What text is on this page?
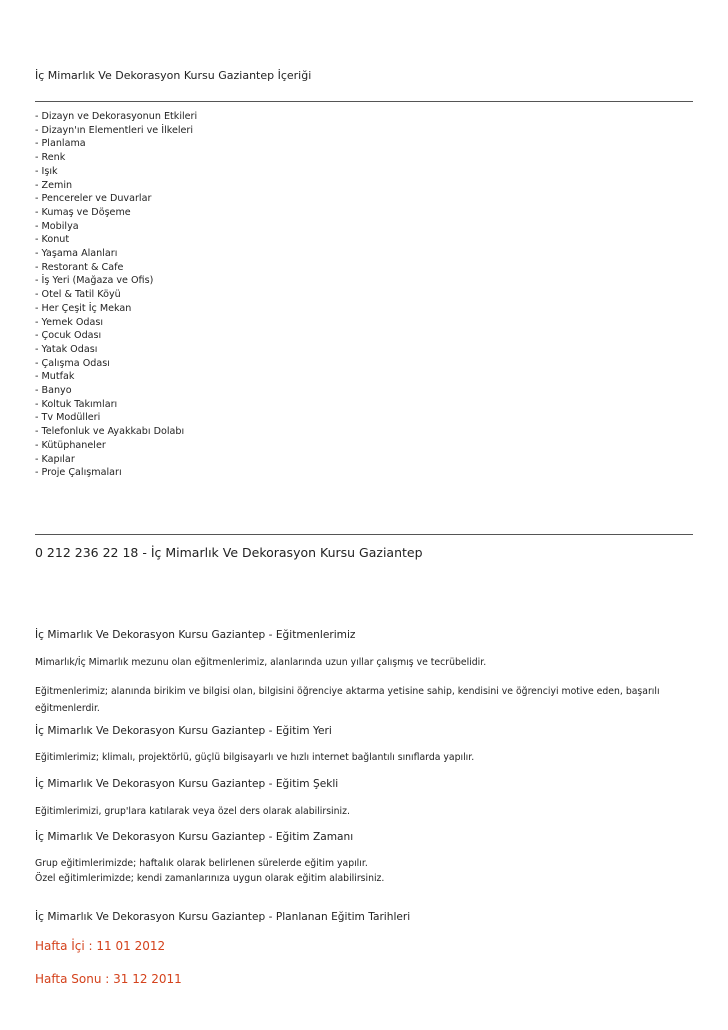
İç Mimarlık Ve Dekorasyon Kursu Gaziantep İçeriği
- Dizayn ve Dekorasyonun Etkileri
- Dizayn'ın Elementleri ve İlkeleri
- Planlama
- Renk
- Işık
- Zemin
- Pencereler ve Duvarlar
- Kumaş ve Döşeme
- Mobilya
- Konut
- Yaşama Alanları
- Restorant & Cafe
- İş Yeri (Mağaza ve Ofis)
- Otel & Tatil Köyü
- Her Çeşit İç Mekan
- Yemek Odası
- Çocuk Odası
- Yatak Odası
- Çalışma Odası
- Mutfak
- Banyo
- Koltuk Takımları
- Tv Modülleri
- Telefonluk ve Ayakkabı Dolabı
- Kütüphaneler
- Kapılar
- Proje Çalışmaları
0 212 236 22 18 - İç Mimarlık Ve Dekorasyon Kursu Gaziantep
İç Mimarlık Ve Dekorasyon Kursu Gaziantep - Eğitmenlerimiz
Mimarlık/İç Mimarlık mezunu olan eğitmenlerimiz, alanlarında uzun yıllar çalışmış ve tecrübelidir.
Eğitmenlerimiz; alanında birikim ve bilgisi olan, bilgisini öğrenciye aktarma yetisine sahip, kendisini ve öğrenciyi motive eden, başarılı eğitmenlerdir.
İç Mimarlık Ve Dekorasyon Kursu Gaziantep - Eğitim Yeri
Eğitimlerimiz; klimalı, projektörlü, güçlü bilgisayarlı ve hızlı internet bağlantılı sınıflarda yapılır.
İç Mimarlık Ve Dekorasyon Kursu Gaziantep - Eğitim Şekli
Eğitimlerimizi, grup'lara katılarak veya özel ders olarak alabilirsiniz.
İç Mimarlık Ve Dekorasyon Kursu Gaziantep - Eğitim Zamanı
Grup eğitimlerimizde; haftalık olarak belirlenen sürelerde eğitim yapılır.
Özel eğitimlerimizde; kendi zamanlarınıza uygun olarak eğitim alabilirsiniz.
İç Mimarlık Ve Dekorasyon Kursu Gaziantep - Planlanan Eğitim Tarihleri
Hafta İçi : 11 01 2012
Hafta Sonu : 31 12 2011
